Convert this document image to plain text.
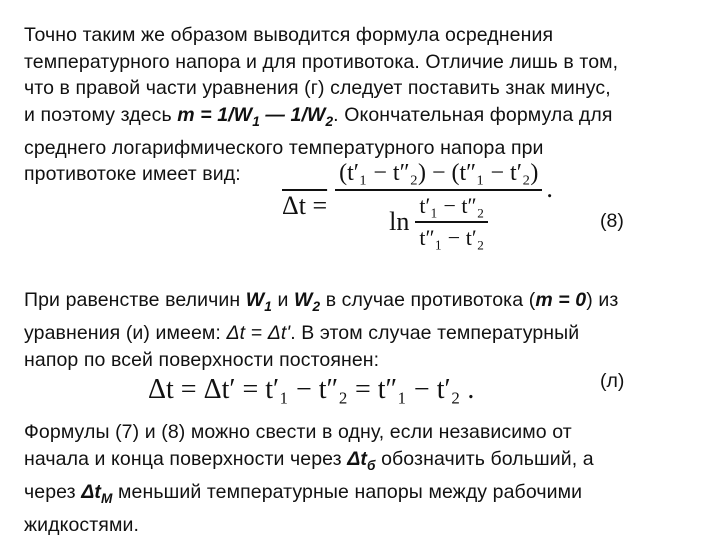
Точно таким же образом выводится формула осреднения
температурного напора и для противотока. Отличие лишь в том,
что в правой части уравнения (г) следует поставить знак минус,
и поэтому здесь $m = 1/W_1$ — $1/W_2$. Окончательная формула для
среднего логарифмического температурного напора при
противотоке имеет вид:
$\Delta t = \frac{\text{(t′₁ − t″₂) − (t″₁ − t′₂)}}{\ln \frac{\text{t′₁ − t″₂}}{\text{t″₁ − t′₂}}}$ .
(8)
При равенстве величин $W_1$ и $W_2$ в случае противотока (m = 0) из
уравнения (и) имеем: Δt = Δt'. В этом случае температурный
напор по всей поверхности постоянен:
Δt = Δt′ = t′₁ − t″₂ = t″₁ − t′₂ .	(л)
Формулы (7) и (8) можно свести в одну, если независимо от
начала и конца поверхности через $\Delta t_б$ обозначить больший, а
через $\Delta t_М$ меньший температурные напоры между рабочими
жидкостями.
